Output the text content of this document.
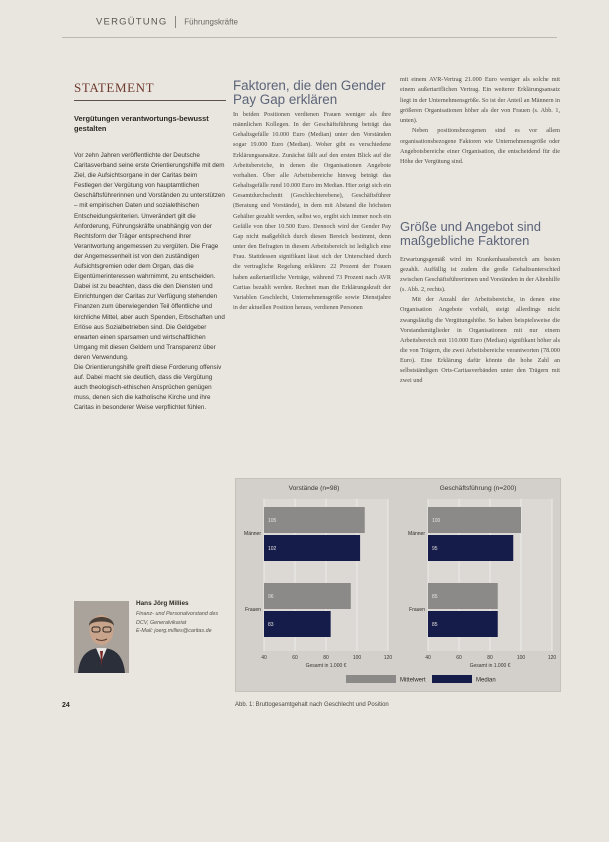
VERGÜTUNG Führungskräfte
STATEMENT
Vergütungen verantwortungs-bewusst gestalten

Vor zehn Jahren veröffentlichte der Deutsche Caritasverband seine erste Orientierungshilfe mit dem Ziel, die Aufsichtsorgane in der Caritas beim Festlegen der Vergütung von hauptamtlichen Geschäftsführerinnen und Vorständen zu unterstützen – mit empirischen Daten und sozialethischen Entscheidungskriterien. Unverändert gilt die Anforderung, Führungskräfte unabhängig von der Rechtsform der Träger entsprechend ihrer Verantwortung angemessen zu vergüten. Die Frage der Angemessenheit ist von den zuständigen Aufsichtsgremien oder dem Organ, das die Eigentümerinteressen wahrnimmt, zu entscheiden. Dabei ist zu beachten, dass die den Diensten und Einrichtungen der Caritas zur Verfügung stehenden Finanzen zum überwiegenden Teil öffentliche und kirchliche Mittel, aber auch Spenden, Erbschaften und Erlöse aus Sozialbetrieben sind. Die Geldgeber erwarten einen sparsamen und wirtschaftlichen Umgang mit diesen Geldern und Transparenz über deren Verwendung.

Die Orientierungshilfe greift diese Forderung offensiv auf. Dabei macht sie deutlich, dass die Vergütung auch theologisch-ethischen Ansprüchen genügen muss, denen sich die katholische Kirche und ihre Caritas in besonderer Weise verpflichtet fühlen.

Hans Jörg Millies
Finanz- und Personalvorstand des DCV, Generalvikariat
E-Mail: joerg.millies@caritas.de
24
Faktoren, die den Gender Pay Gap erklären
In beiden Positionen verdienen Frauen weniger als ihre männlichen Kollegen. In der Geschäftsführung beträgt das Gehaltsgefälle 10.000 Euro (Median) unter den Vorständen sogar 19.000 Euro (Median). Woher gibt es verschiedene Erklärungsansätze. Zunächst fällt auf den ersten Blick auf die Arbeitsbereiche, in denen die Organisationen Angebote vorhalten. Über alle Arbeitsbereiche hinweg beträgt das Gehaltsgefälle rund 10.000 Euro im Median. Hier zeigt sich ein Gesamtdurchschnitt (Geschlechterebene), Geschäftsführer (Beratung und Vorstände), in dem mit Abstand die höchsten Gehälter gezahlt werden, selbst wo, ergibt sich immer noch ein Gefälle von über 10.500 Euro. Dennoch wird der Gender Pay Gap nicht maßgeblich durch diesen Bereich bestimmt, denn unter den Befragten in diesem Arbeitsbereich ist lediglich eine Frau. Stattdessen signifikant lässt sich der Unterschied durch die vertragliche Regelung erklären: 22 Prozent der Frauen haben außertarifliche Verträge, während 73 Prozent nach AVR Caritas bezahlt werden. Rechnet man die Erklärungskraft der Variablen Geschlecht, Unternehmensgröße sowie Dienstjahre in der aktuellen Position heraus, verdienen Personen
mit einem AVR-Vertrag 21.000 Euro weniger als solche mit einem außertariflichen Vertrag. Ein weiterer Erklärungsansatz liegt in der Unternehmensgröße. So ist der Anteil an Männern in größeren Organisationen höher als der von Frauen (s. Abb. 1, unten).
Neben positionsbezogenen sind es vor allem organisationsbezogene Faktoren wie Unternehmensgröße oder Angebotsbereiche einer Organisation, die entscheidend für die Höhe der Vergütung sind.
Größe und Angebot sind maßgebliche Faktoren
Erwartungsgemäß wird im Krankenhausbereich am besten gezahlt. Auffällig ist zudem die große Gehaltsunterschied zwischen Geschäftsführerinnen und Vorständen in der Altenhilfe (s. Abb. 2, rechts).
Mit der Anzahl der Arbeitsbereiche, in denen eine Organisation Angebote vorhält, steigt allerdings nicht zwangsläufig die Vergütungshöhe. So haben beispielsweise die Vorstandsmitglieder in Organisationen mit nur einem Arbeitsbereich mit 110.000 Euro (Median) signifikant höher als die von Trägern, die zwei Arbeitsbereiche verantworten (78.000 Euro). Eine Erklärung dafür könnte die hohe Zahl an selbstständigen Orts-Caritasverbänden unter den Trägern mit zwei und
Vorstände (n=98)
40	60	80	100	120
Gesamt in 1.000 €
Männer
105
102
Frauen
96
83
Geschäftsführung (n=200)
40	60	80	100	120
Gesamt in 1.000 €
Männer
100
95
Frauen
85
85
Mittelwert	Median
Abb. 1: Bruttogesamtgehalt nach Geschlecht und Position
